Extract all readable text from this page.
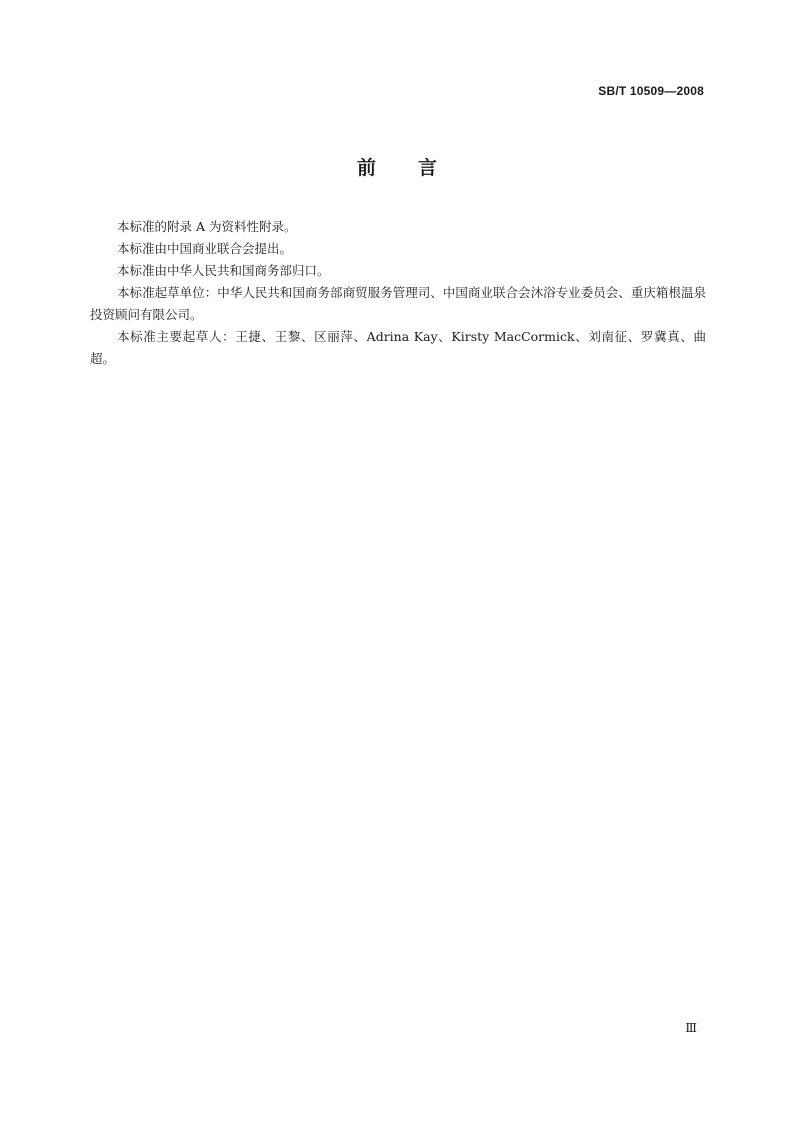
SB/T 10509—2008
前言

本标准的附录 A 为资料性附录。

本标准由中国商业联合会提出。

本标准由中华人民共和国商务部归口。

本标准起草单位：中华人民共和国商务部商贸服务管理司、中国商业联合会沐浴专业委员会、重庆箱根温泉投资顾问有限公司。

本标准主要起草人：王捷、王黎、区丽萍、Adrina Kay、Kirsty MacCormick、刘南征、罗冀真、曲超。

Ⅲ
